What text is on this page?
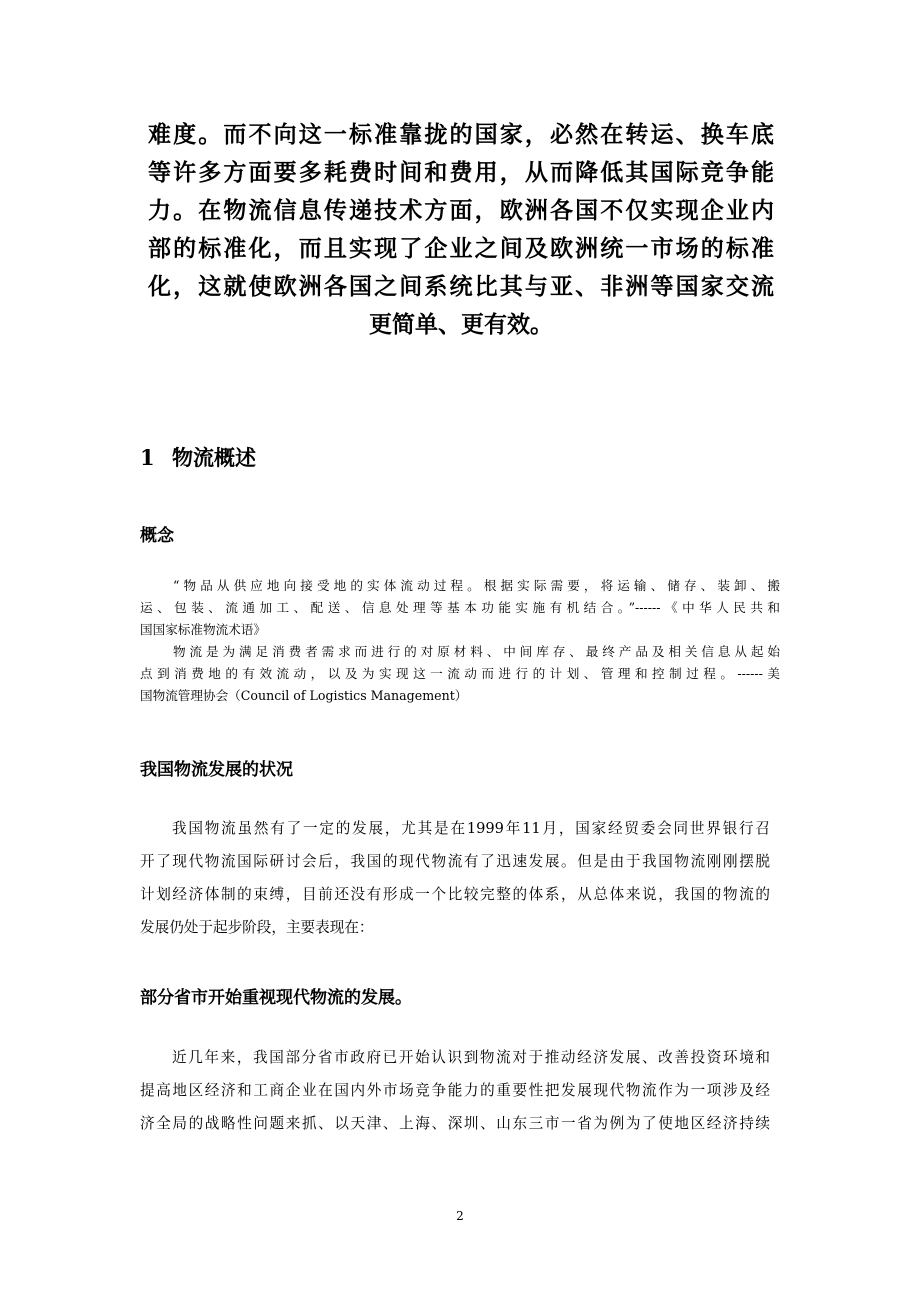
难度。而不向这一标准靠拢的国家，必然在转运、换车底
等许多方面要多耗费时间和费用，从而降低其国际竞争能
力。在物流信息传递技术方面，欧洲各国不仅实现企业内
部的标准化，而且实现了企业之间及欧洲统一市场的标准
化，这就使欧洲各国之间系统比其与亚、非洲等国家交流
更简单、更有效。
1 物流概述
概念
“物品从供应地向接受地的实体流动过程。根据实际需要，将运输、储存、装卸、搬
运、包装、流通加工、配送、信息处理等基本功能实施有机结合。”------《中华人民共和
国国家标准物流术语》
物流是为满足消费者需求而进行的对原材料、中间库存、最终产品及相关信息从起始
点到消费地的有效流动，以及为实现这一流动而进行的计划、管理和控制过程。------美
国物流管理协会（Council of Logistics Management）
我国物流发展的状况
我国物流虽然有了一定的发展，尤其是在1999年11月，国家经贸委会同世界银行召
开了现代物流国际研讨会后，我国的现代物流有了迅速发展。但是由于我国物流刚刚摆脱
计划经济体制的束缚，目前还没有形成一个比较完整的体系，从总体来说，我国的物流的
发展仍处于起步阶段，主要表现在：
部分省市开始重视现代物流的发展。
近几年来，我国部分省市政府已开始认识到物流对于推动经济发展、改善投资环境和
提高地区经济和工商企业在国内外市场竞争能力的重要性把发展现代物流作为一项涉及经
济全局的战略性问题来抓、以天津、上海、深圳、山东三市一省为例为了使地区经济持续
2
